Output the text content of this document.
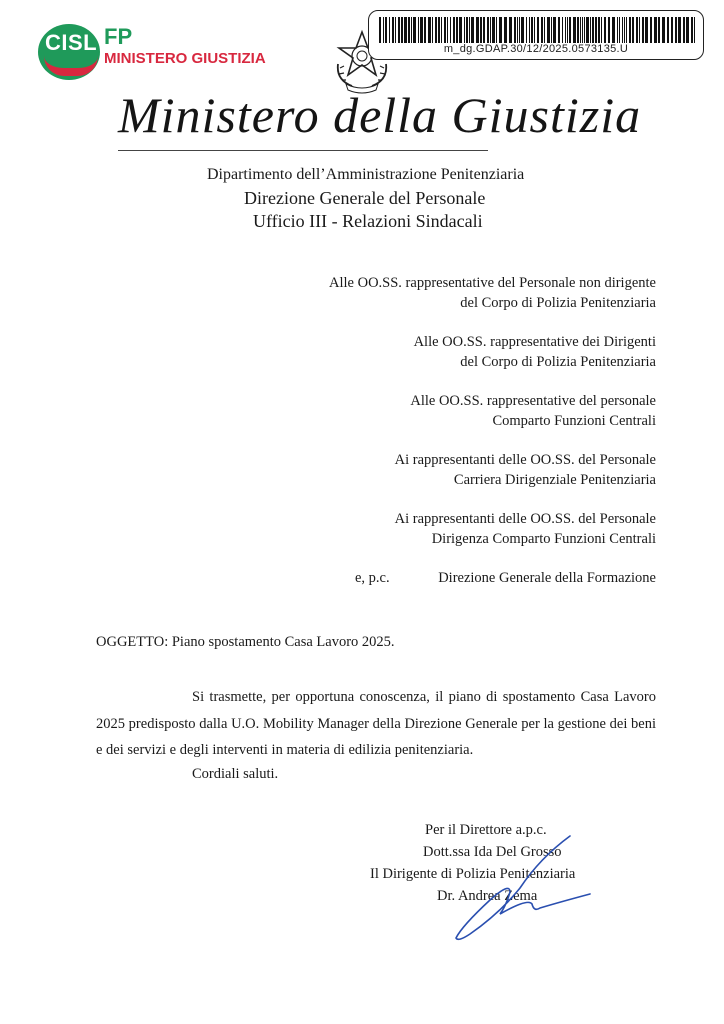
CISL FP
MINISTERO GIUSTIZIA
m_dg.GDAP.30/12/2025.0573135.U
Ministero della Giustizia
Dipartimento dell’Amministrazione Penitenziaria
Direzione Generale del Personale
Ufficio III - Relazioni Sindacali
Alle OO.SS. rappresentative del Personale non dirigente
del Corpo di Polizia Penitenziaria
Alle OO.SS. rappresentative dei Dirigenti
del Corpo di Polizia Penitenziaria
Alle OO.SS. rappresentative del personale
Comparto Funzioni Centrali
Ai rappresentanti delle OO.SS. del Personale
Carriera Dirigenziale Penitenziaria
Ai rappresentanti delle OO.SS. del Personale
Dirigenza Comparto Funzioni Centrali
e, p.c.	Direzione Generale della Formazione
OGGETTO: Piano spostamento Casa Lavoro 2025.
Si trasmette, per opportuna conoscenza, il piano di spostamento Casa Lavoro 2025 predisposto dalla U.O. Mobility Manager della Direzione Generale per la gestione dei beni e dei servizi e degli interventi in materia di edilizia penitenziaria.
Cordiali saluti.
Per il Direttore a.p.c.
Dott.ssa Ida Del Grosso
Il Dirigente di Polizia Penitenziaria
Dr. Andrea Zema
